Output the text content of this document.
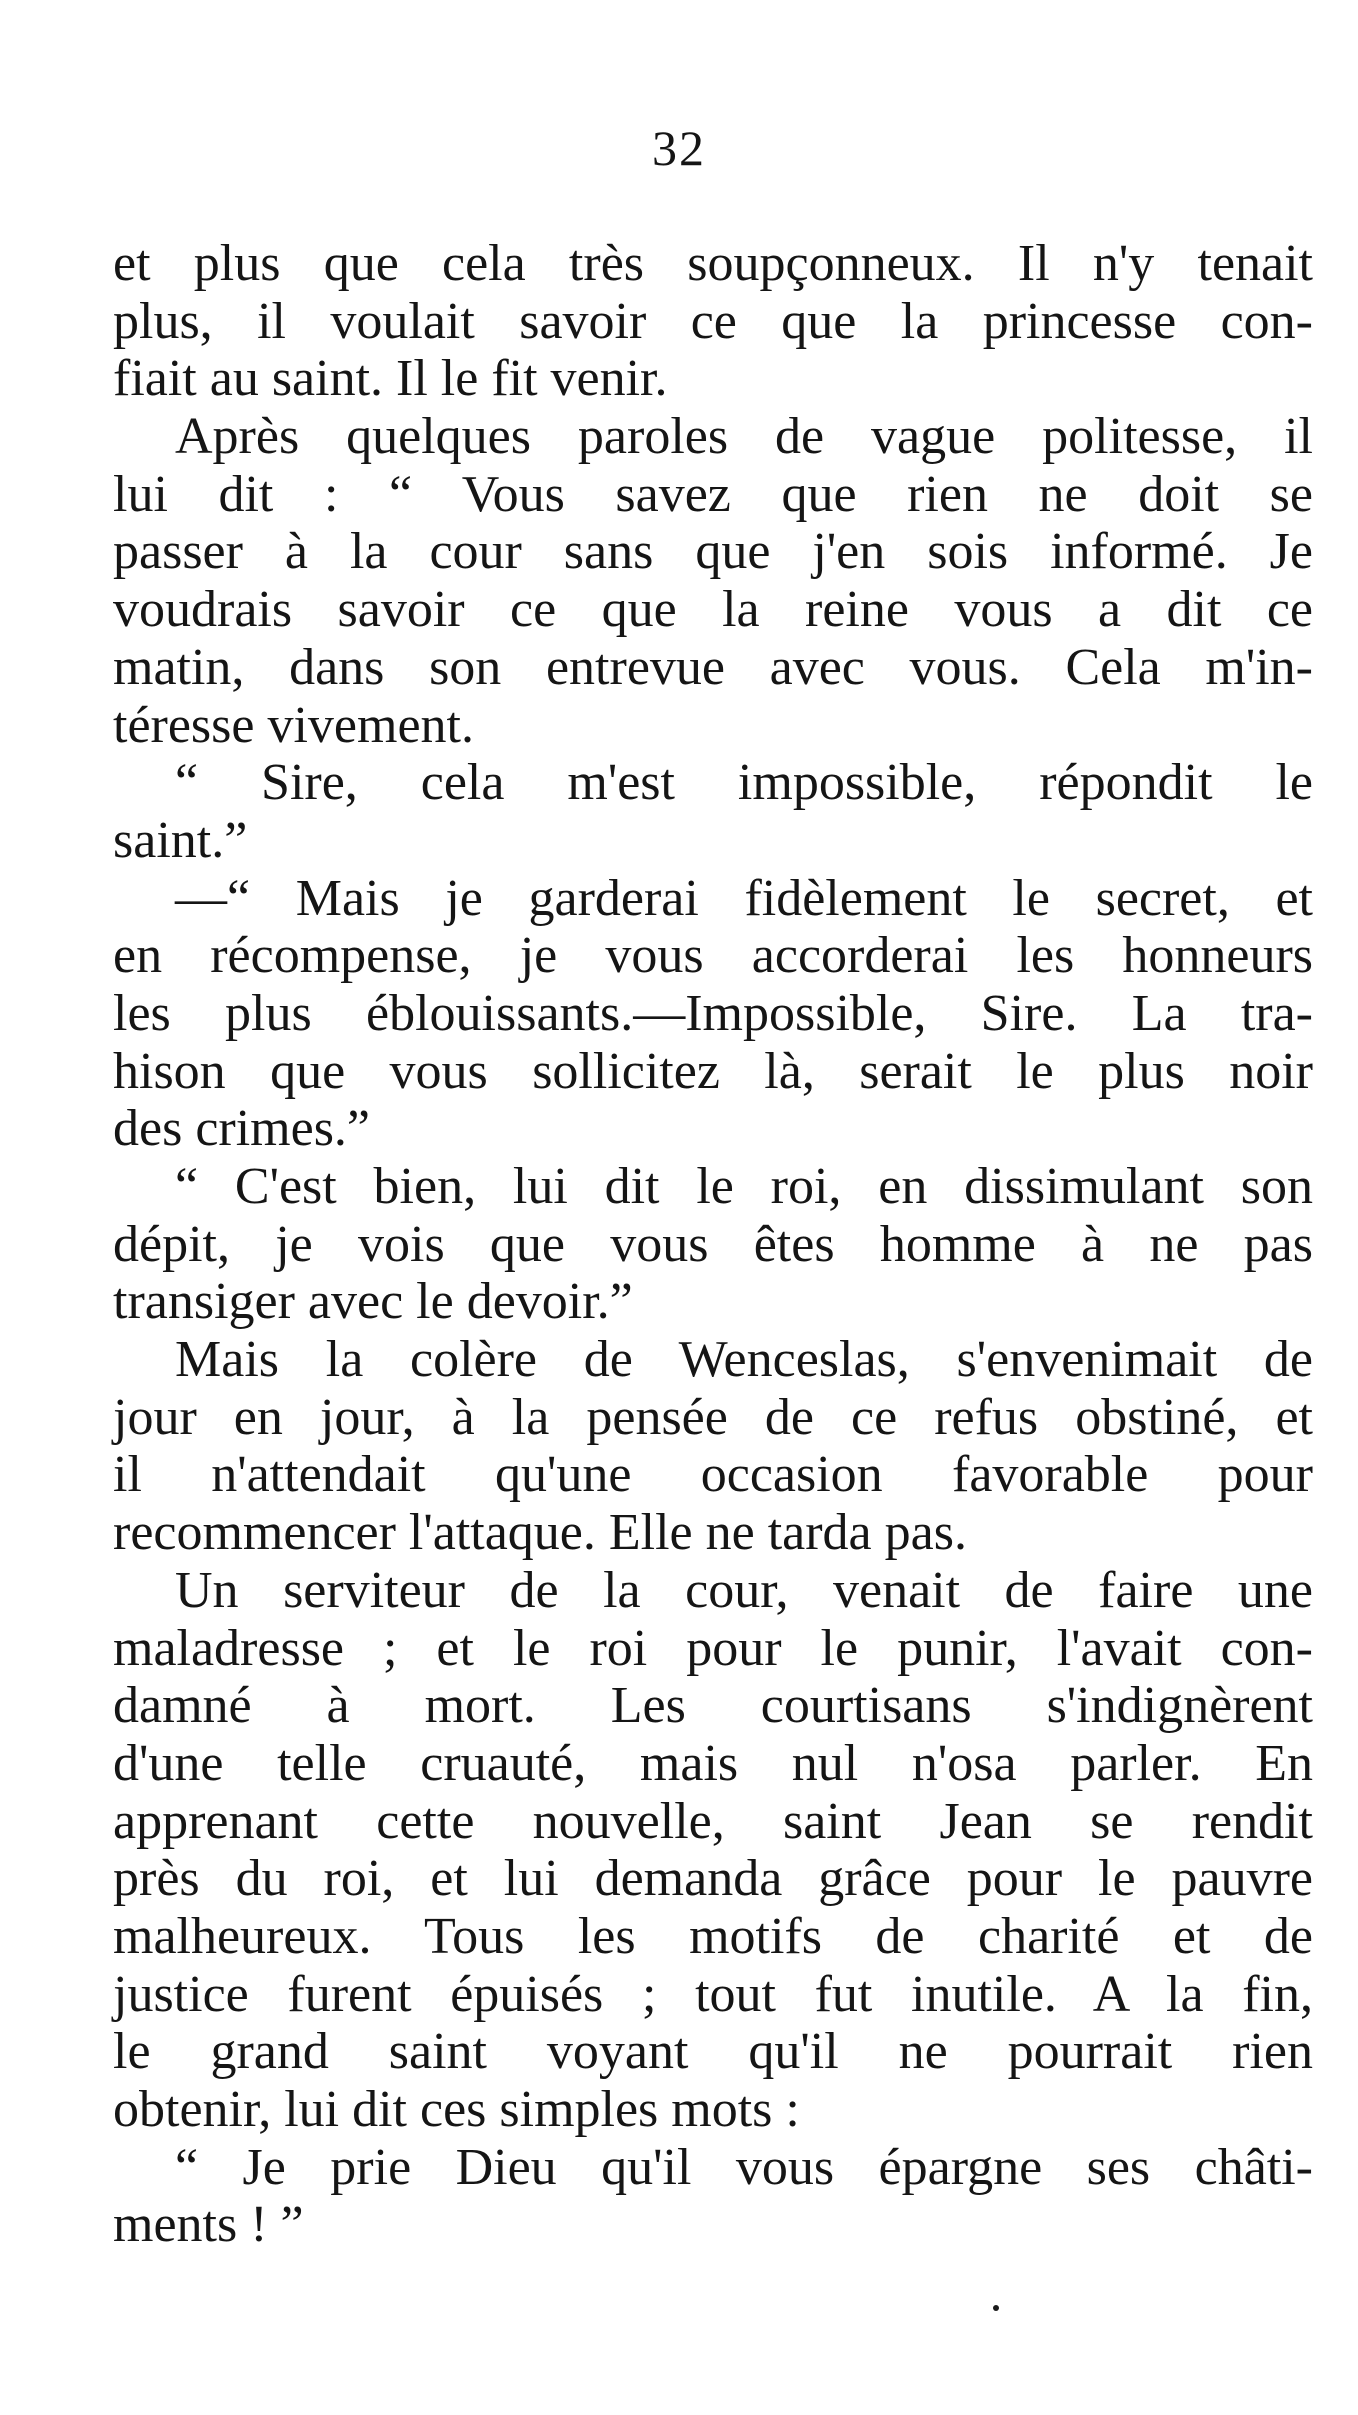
32
et plus que cela très soupçonneux. Il n'y tenait
plus, il voulait savoir ce que la princesse con-
fiait au saint. Il le fit venir.
Après quelques paroles de vague politesse, il
lui dit : “ Vous savez que rien ne doit se
passer à la cour sans que j'en sois informé. Je
voudrais savoir ce que la reine vous a dit ce
matin, dans son entrevue avec vous. Cela m'in-
téresse vivement.
“ Sire, cela m'est impossible, répondit le
saint.”
—“ Mais je garderai fidèlement le secret, et
en récompense, je vous accorderai les honneurs
les plus éblouissants.—Impossible, Sire. La tra-
hison que vous sollicitez là, serait le plus noir
des crimes.”
“ C'est bien, lui dit le roi, en dissimulant son
dépit, je vois que vous êtes homme à ne pas
transiger avec le devoir.”
Mais la colère de Wenceslas, s'envenimait de
jour en jour, à la pensée de ce refus obstiné, et
il n'attendait qu'une occasion favorable pour
recommencer l'attaque. Elle ne tarda pas.
Un serviteur de la cour, venait de faire une
maladresse ; et le roi pour le punir, l'avait con-
damné à mort. Les courtisans s'indignèrent
d'une telle cruauté, mais nul n'osa parler. En
apprenant cette nouvelle, saint Jean se rendit
près du roi, et lui demanda grâce pour le pauvre
malheureux. Tous les motifs de charité et de
justice furent épuisés ; tout fut inutile. A la fin,
le grand saint voyant qu'il ne pourrait rien
obtenir, lui dit ces simples mots :
“ Je prie Dieu qu'il vous épargne ses châti-
ments ! ”
